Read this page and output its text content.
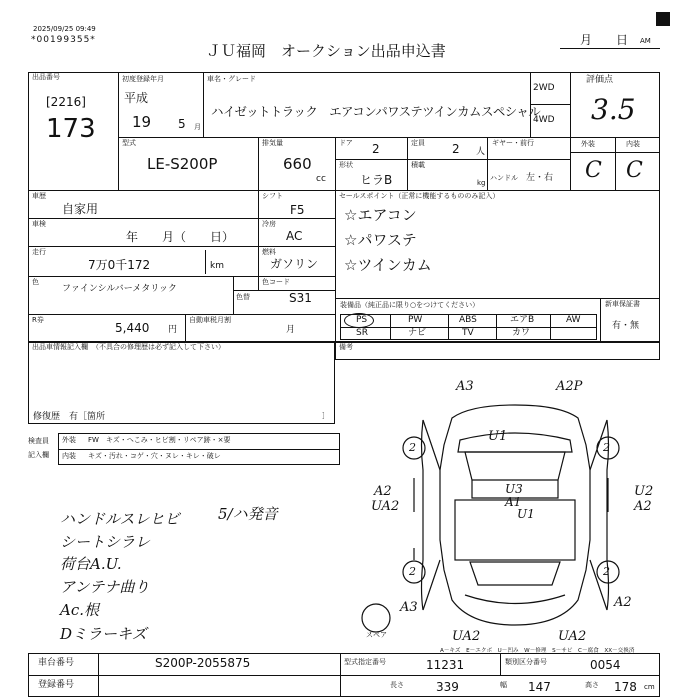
2025/09/25 09:49
*00199355*
ＪＵ福岡　オークション出品申込書
月　　日 AM
出品番号
[2216]
173
初度登録年月
平成
19 5 月
車名・グレード
ハイゼットトラック　エアコンパワステツインカムスペシャル
2WD
4WD
評価点
3.5
外装	内装
C C
型式
LE-S200P
排気量
660
cc
ドア 2	定員 2 人
ギヤー・前行
形状
ヒラB
積載
kg
ハンドル 左・右
車歴
自家用
車検
年　　月（　　日）
走行
7万0千172	km
シフト
F5
冷房
AC
燃料
ガソリン
色
ファインシルバーメタリック
色替
色コード
S31
R券
5,440 円
自動車税月割
月
セールスポイント（正常に機能するもののみ記入）
☆エアコン
☆パワステ
☆ツインカム
装備品（純正品に限り○をつけてください）
PS	PW	ABS	エアB	AW
SR	ナビ	TV	カワ
新車保証書
有・無
出品車情報記入欄 （不具合の修理歴は必ず記入して下さい）
修復歴　有［箇所	］
備考
検査員
記入欄
外装 FW　キズ・へこみ・ヒビ割・リペア跡・×要
内装 キズ・汚れ・コゲ・穴・ヌレ・キレ・破レ
ハンドルスレヒビ
シートシラレ
荷台A.U.
アンテナ曲り
Ac.根
Dミラーキズ
5/ハ発音
2	2
2	2
A3	A2P
U1
U3
A1
U1
A2
UA2
U2
A2
A3	A2
UA2	UA2
スペア
A－キズ　E－エクボ　U－凹み　W－修理　S－サビ　C－腐食　XX－交換済
車台番号	S200P-2055875
登録番号
型式指定番号	11231	類別区分番号	0054
長さ	339	幅 147	高さ 178 cm
